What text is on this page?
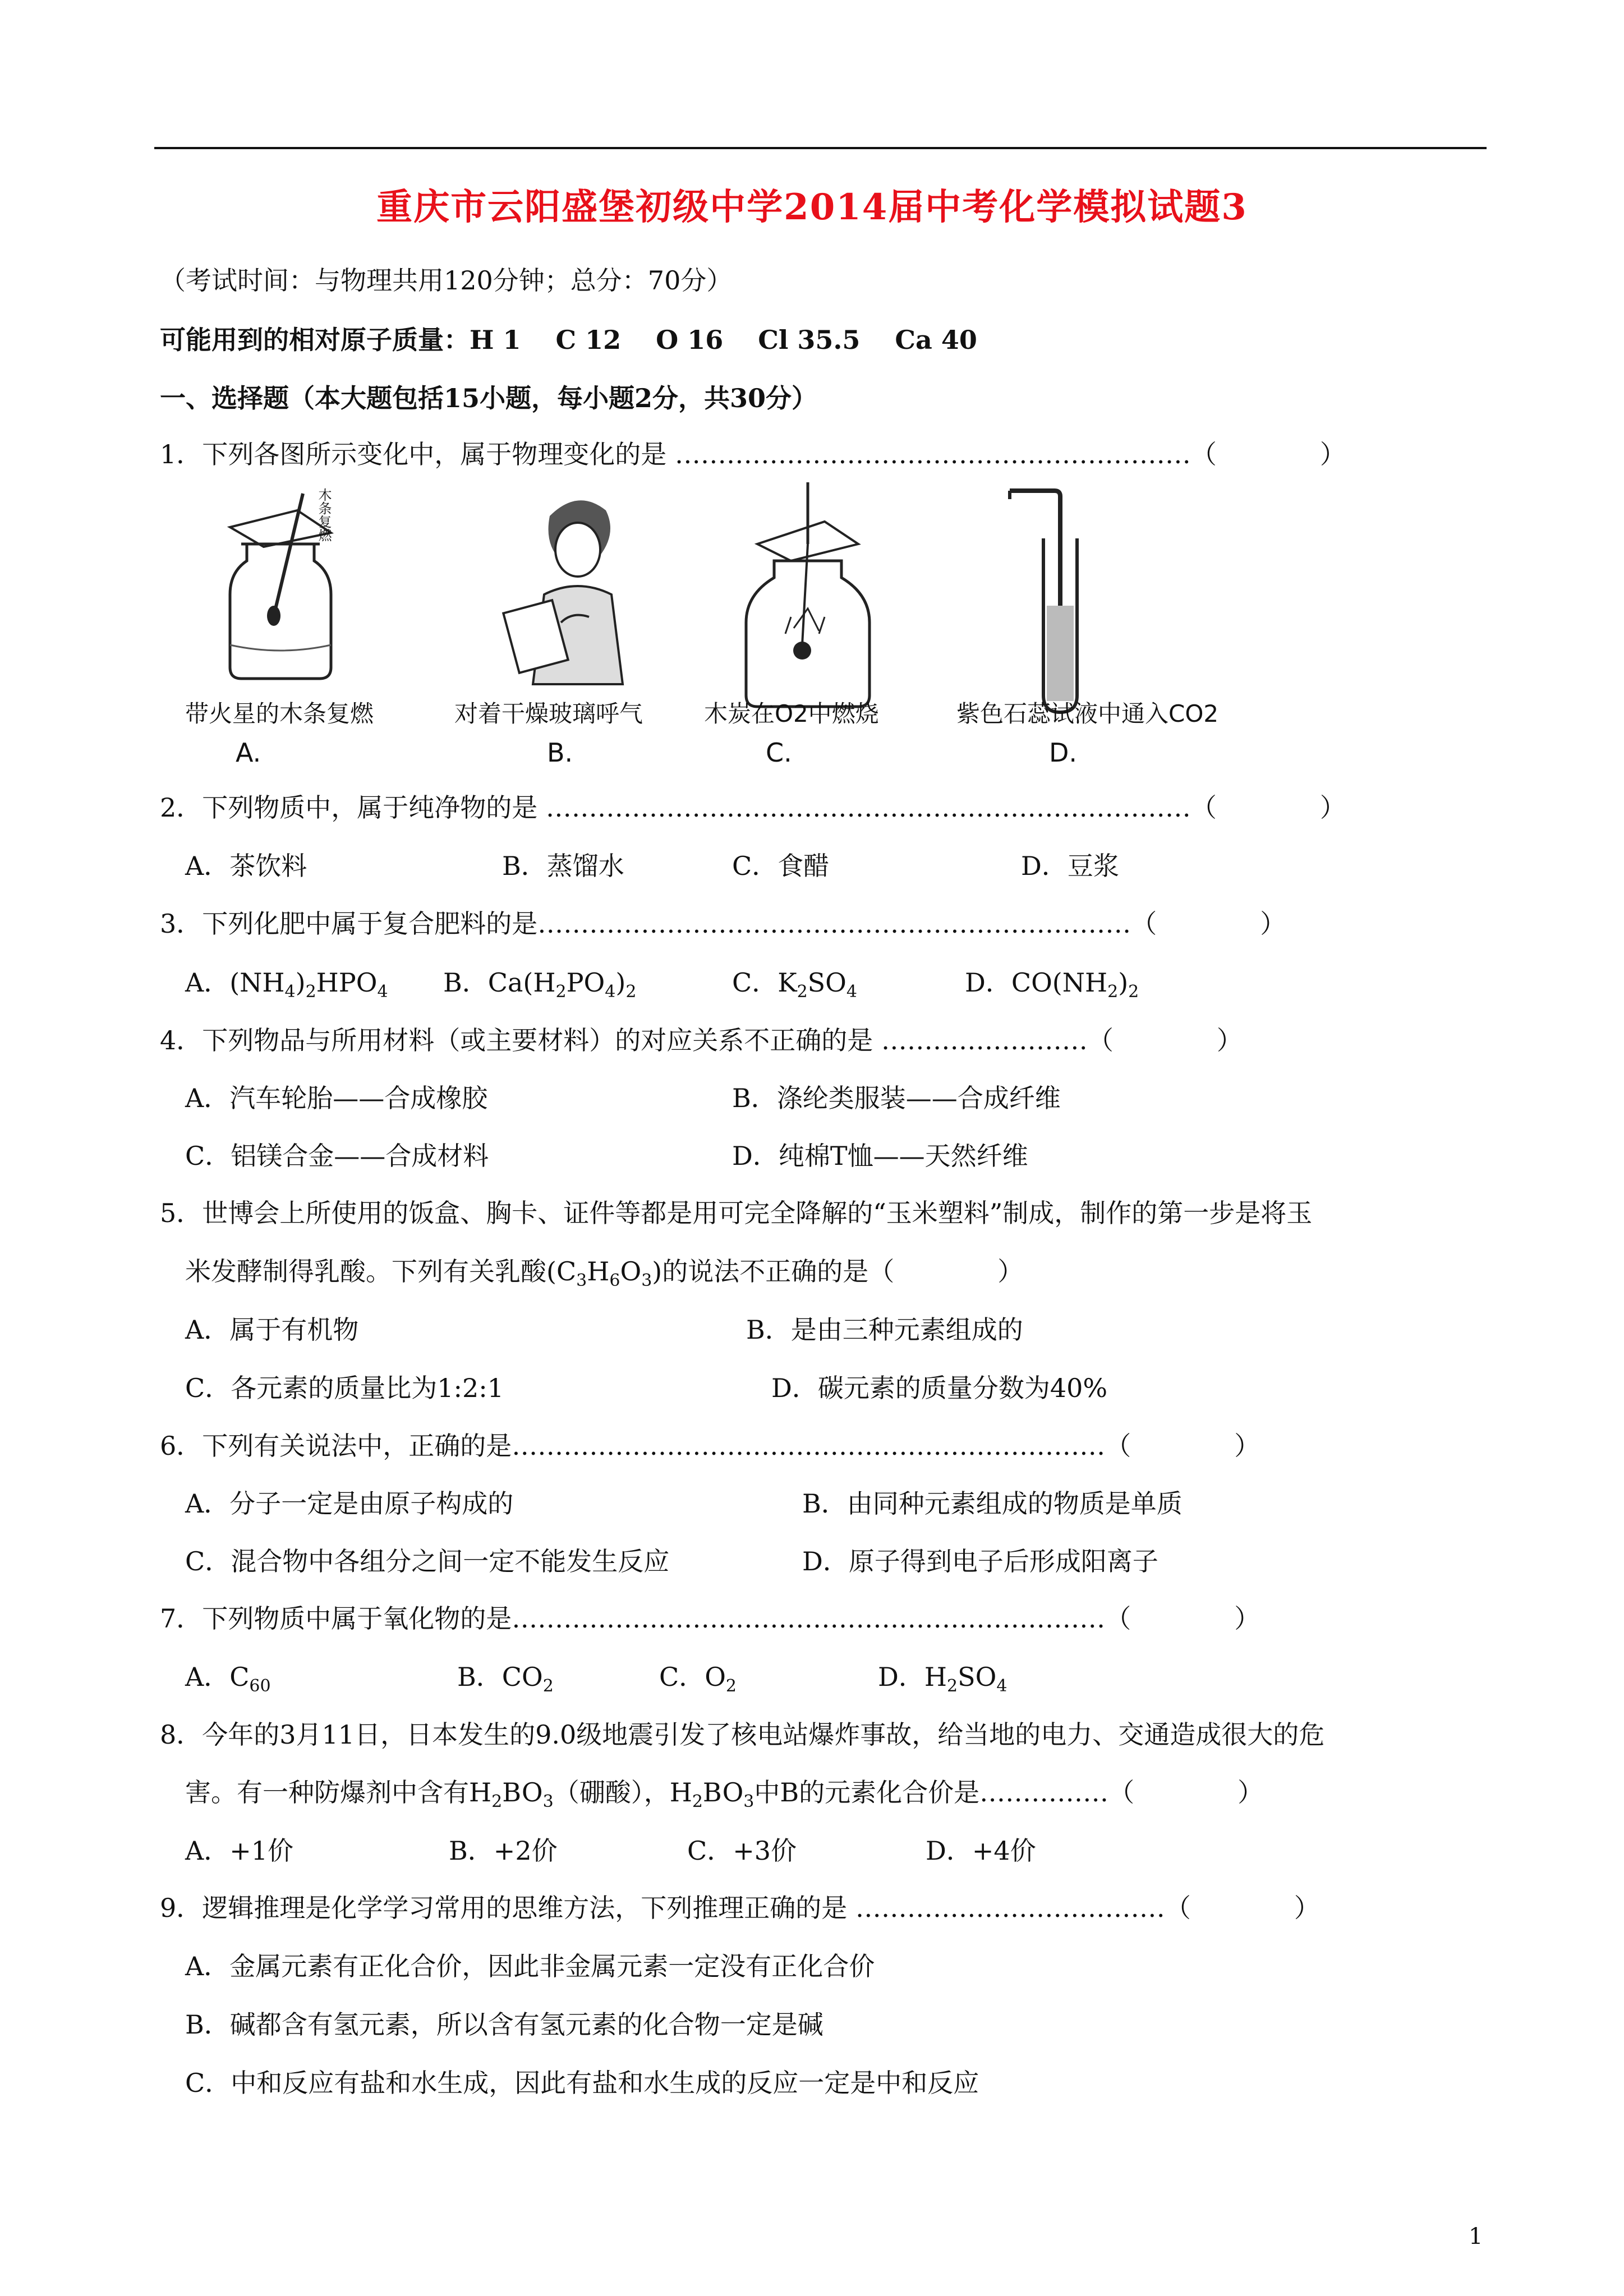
重庆市云阳盛堡初级中学2014届中考化学模拟试题3
（考试时间：与物理共用120分钟；总分：70分）
可能用到的相对原子质量：H 1　 C 12　 O 16　 Cl 35.5　 Ca 40
一、选择题（本大题包括15小题，每小题2分，共30分）
1．下列各图所示变化中，属于物理变化的是 ……………………………………………………（　　　　）
木条复燃
带火星的木条复燃
A.
对着干燥玻璃呼气
B.
木炭在O2中燃烧
C.
紫色石蕊试液中通入CO2
D.
2．下列物质中，属于纯净物的是 …………………………………………………………………（　　　　）
A．茶饮料	B．蒸馏水	C．食醋	D．豆浆
3．下列化肥中属于复合肥料的是……………………………………………………………（　　　　）
A．$(NH_4)_2HPO_4$ B．$Ca(H_2PO_4)_2$	C．$K_2SO_4$	D．$CO(NH_2)_2$
4．下列物品与所用材料（或主要材料）的对应关系不正确的是 ……………………（　　　　）
A．汽车轮胎——合成橡胶	B．涤纶类服装——合成纤维
C．铝镁合金——合成材料	D．纯棉T恤——天然纤维
5．世博会上所使用的饭盒、胸卡、证件等都是用可完全降解的“玉米塑料”制成，制作的第一步是将玉
米发酵制得乳酸。下列有关乳酸$(C_3H_6O_3)$的说法不正确的是（　　　　）
A．属于有机物	B．是由三种元素组成的
C．各元素的质量比为1:2:1	D．碳元素的质量分数为40%
6．下列有关说法中，正确的是……………………………………………………………（　　　　）
A．分子一定是由原子构成的	B．由同种元素组成的物质是单质
C．混合物中各组分之间一定不能发生反应	D．原子得到电子后形成阳离子
7．下列物质中属于氧化物的是……………………………………………………………（　　　　）
A．$C_{60}$	B．$CO_2$	C．$O_2$	D．$H_2SO_4$
8．今年的3月11日，日本发生的9.0级地震引发了核电站爆炸事故，给当地的电力、交通造成很大的危
害。有一种防爆剂中含有$H_2BO_3$（硼酸），$H_2BO_3$中B的元素化合价是……………（　　　　）
A．+1价	B．+2价	C．+3价	D．+4价
9．逻辑推理是化学学习常用的思维方法，下列推理正确的是 ………………………………（　　　　）
A．金属元素有正化合价，因此非金属元素一定没有正化合价
B．碱都含有氢元素，所以含有氢元素的化合物一定是碱
C．中和反应有盐和水生成，因此有盐和水生成的反应一定是中和反应
1
